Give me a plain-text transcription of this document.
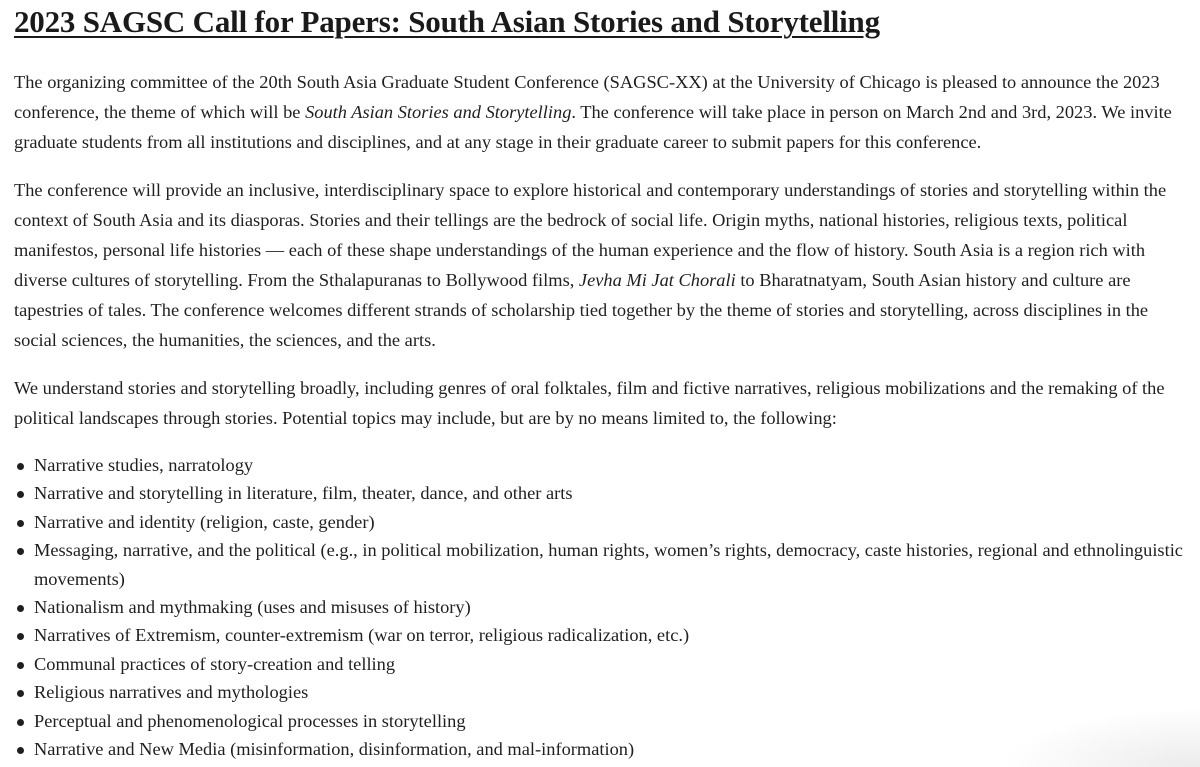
2023 SAGSC Call for Papers: South Asian Stories and Storytelling

The organizing committee of the 20th South Asia Graduate Student Conference (SAGSC-XX) at the University of Chicago is pleased to announce the 2023 conference, the theme of which will be South Asian Stories and Storytelling. The conference will take place in person on March 2nd and 3rd, 2023. We invite graduate students from all institutions and disciplines, and at any stage in their graduate career to submit papers for this conference.

The conference will provide an inclusive, interdisciplinary space to explore historical and contemporary understandings of stories and storytelling within the context of South Asia and its diasporas. Stories and their tellings are the bedrock of social life. Origin myths, national histories, religious texts, political manifestos, personal life histories — each of these shape understandings of the human experience and the flow of history. South Asia is a region rich with diverse cultures of storytelling. From the Sthalapuranas to Bollywood films, Jevha Mi Jat Chorali to Bharatnatyam, South Asian history and culture are tapestries of tales. The conference welcomes different strands of scholarship tied together by the theme of stories and storytelling, across disciplines in the social sciences, the humanities, the sciences, and the arts.

We understand stories and storytelling broadly, including genres of oral folktales, film and fictive narratives, religious mobilizations and the remaking of the political landscapes through stories. Potential topics may include, but are by no means limited to, the following:

Narrative studies, narratology
Narrative and storytelling in literature, film, theater, dance, and other arts
Narrative and identity (religion, caste, gender)
Messaging, narrative, and the political (e.g., in political mobilization, human rights, women’s rights, democracy, caste histories, regional and ethnolinguistic movements)
Nationalism and mythmaking (uses and misuses of history)
Narratives of Extremism, counter-extremism (war on terror, religious radicalization, etc.)
Communal practices of story-creation and telling
Religious narratives and mythologies
Perceptual and phenomenological processes in storytelling
Narrative and New Media (misinformation, disinformation, and mal-information)
